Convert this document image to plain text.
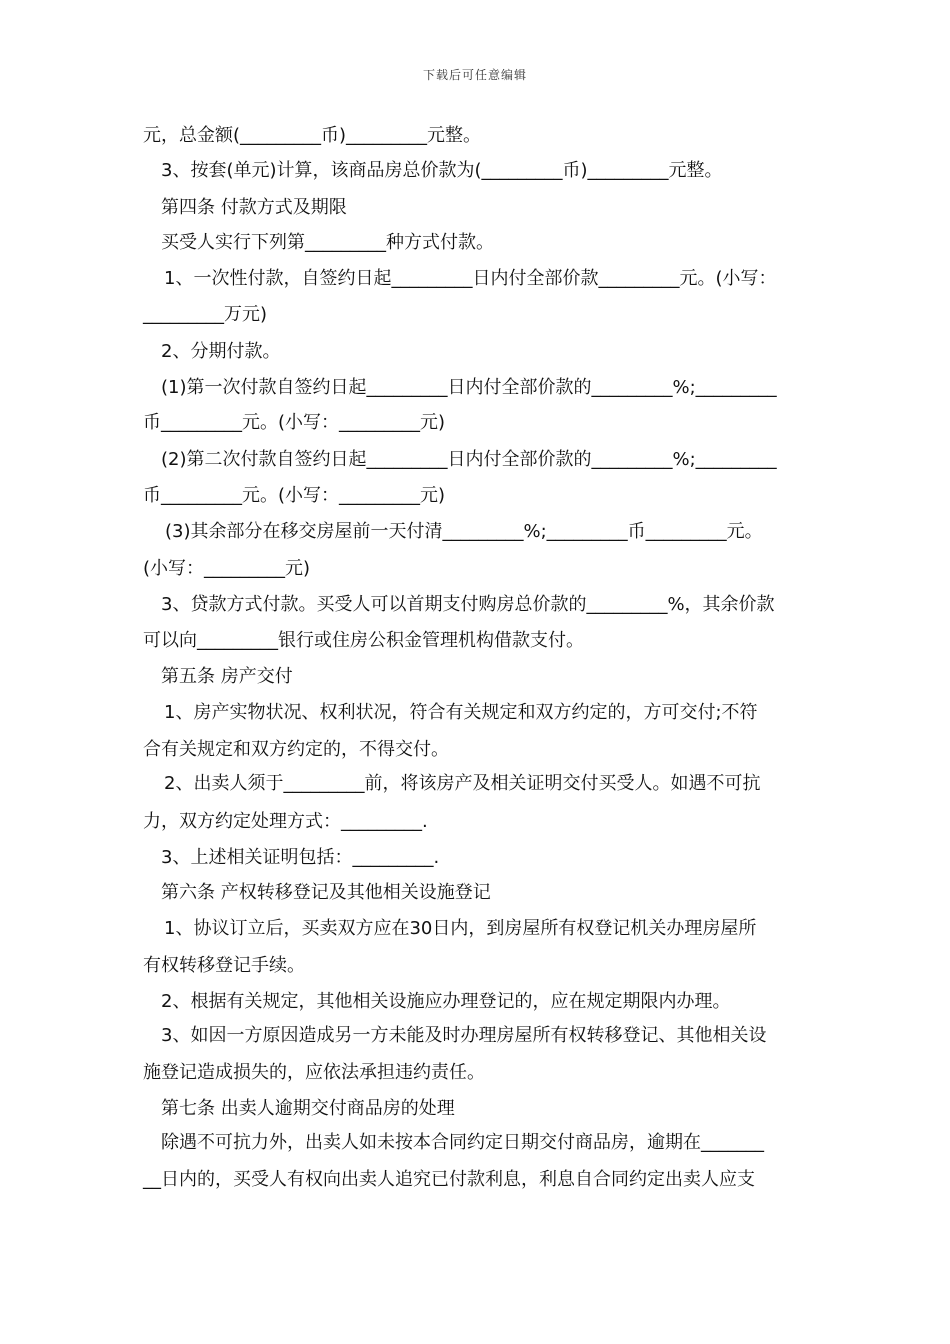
下载后可任意编辑
元，总金额(_________币)_________元整。
3、按套(单元)计算，该商品房总价款为(_________币)_________元整。
第四条 付款方式及期限
买受人实行下列第_________种方式付款。
1、一次性付款，自签约日起_________日内付全部价款_________元。(小写：
_________万元)
2、分期付款。
(1)第一次付款自签约日起_________日内付全部价款的_________%;_________
币_________元。(小写：_________元)
(2)第二次付款自签约日起_________日内付全部价款的_________%;_________
币_________元。(小写：_________元)
(3)其余部分在移交房屋前一天付清_________%;_________币_________元。
(小写：_________元)
3、贷款方式付款。买受人可以首期支付购房总价款的_________%，其余价款
可以向_________银行或住房公积金管理机构借款支付。
第五条 房产交付
1、房产实物状况、权利状况，符合有关规定和双方约定的，方可交付;不符
合有关规定和双方约定的，不得交付。
2、出卖人须于_________前，将该房产及相关证明交付买受人。如遇不可抗
力，双方约定处理方式：_________.
3、上述相关证明包括：_________.
第六条 产权转移登记及其他相关设施登记
1、协议订立后，买卖双方应在30日内，到房屋所有权登记机关办理房屋所
有权转移登记手续。
2、根据有关规定，其他相关设施应办理登记的，应在规定期限内办理。
3、如因一方原因造成另一方未能及时办理房屋所有权转移登记、其他相关设
施登记造成损失的，应依法承担违约责任。
第七条 出卖人逾期交付商品房的处理
除遇不可抗力外，出卖人如未按本合同约定日期交付商品房，逾期在_______
__日内的，买受人有权向出卖人追究已付款利息，利息自合同约定出卖人应支
